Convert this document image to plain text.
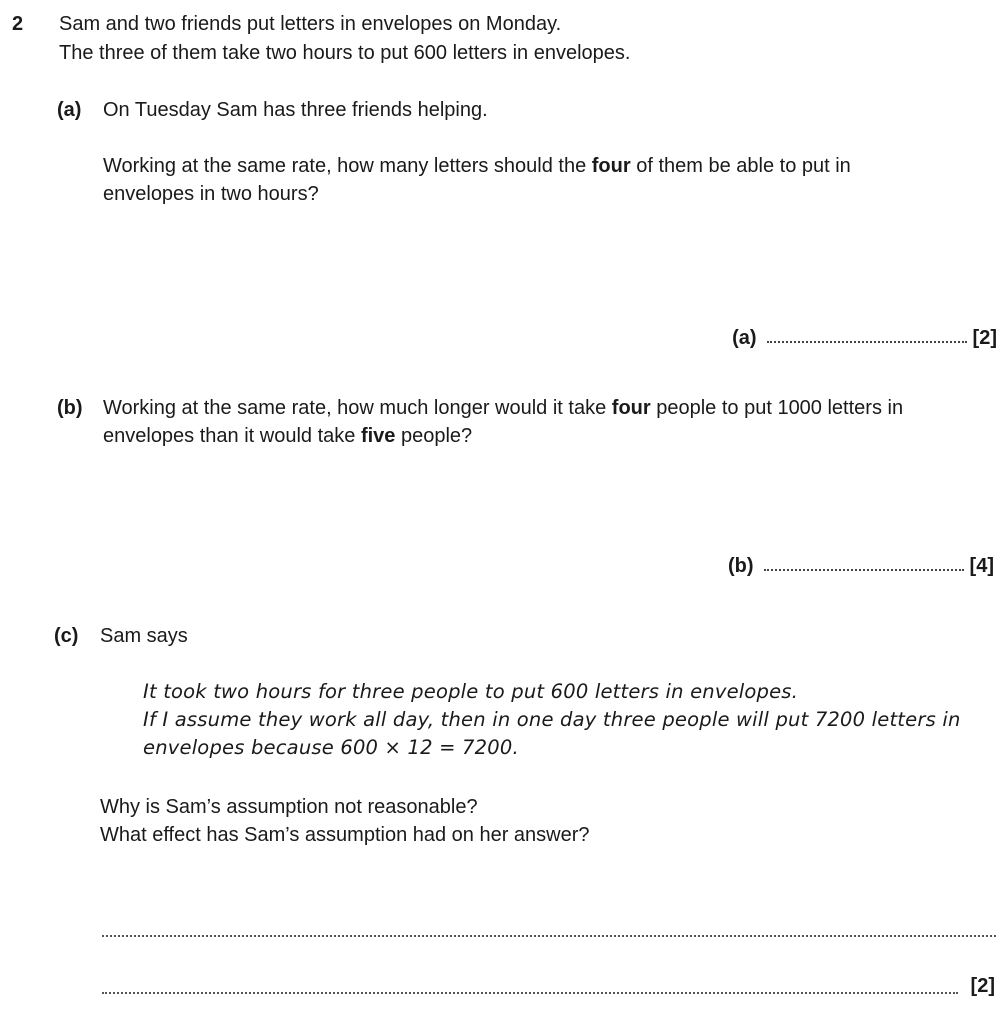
2 Sam and two friends put letters in envelopes on Monday.
The three of them take two hours to put 600 letters in envelopes.
(a) On Tuesday Sam has three friends helping.
Working at the same rate, how many letters should the four of them be able to put in
envelopes in two hours?
(a)	[2]
(b) Working at the same rate, how much longer would it take four people to put 1000 letters in
envelopes than it would take five people?
(b)	[4]
(c) Sam says
It took two hours for three people to put 600 letters in envelopes.
If I assume they work all day, then in one day three people will put 7200 letters in
envelopes because 600 × 12 = 7200.
Why is Sam’s assumption not reasonable?
What effect has Sam’s assumption had on her answer?
[2]
